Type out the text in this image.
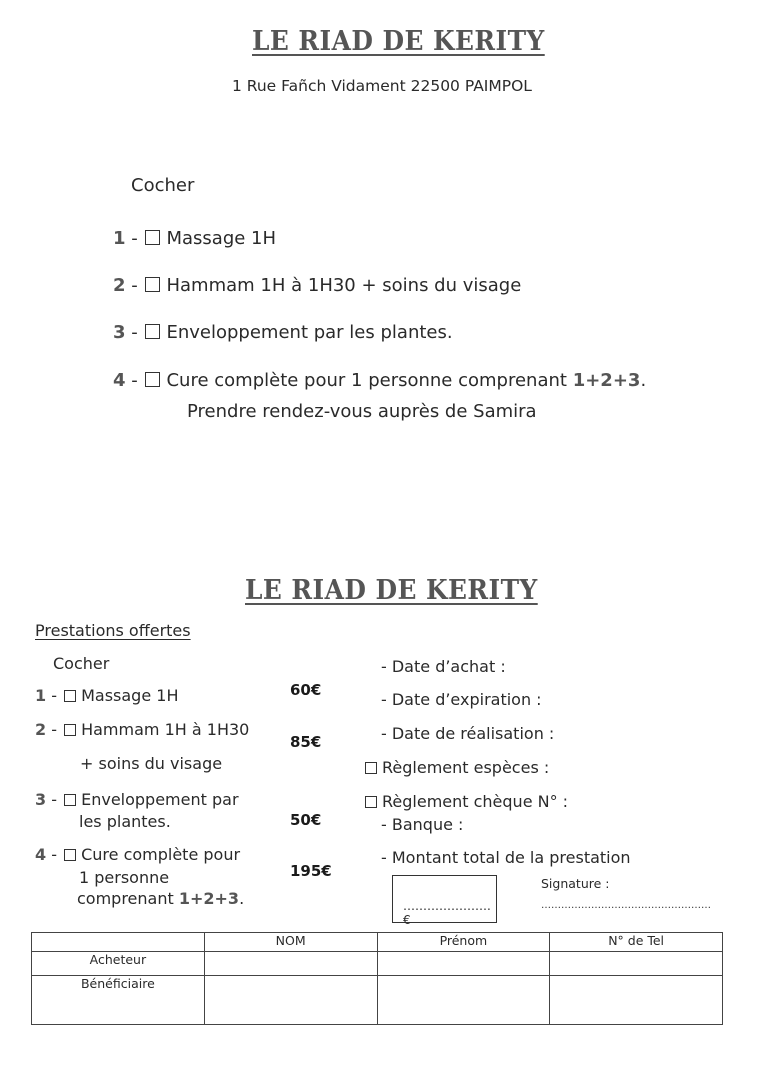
LE RIAD DE KERITY
1 Rue Fañch Vidament 22500 PAIMPOL
Cocher
1 - Massage 1H
2 - Hammam 1H à 1H30 + soins du visage
3 - Enveloppement par les plantes.
4 - Cure complète pour 1 personne comprenant 1+2+3.
Prendre rendez-vous auprès de Samira
LE RIAD DE KERITY
Prestations offertes
Cocher
1 - Massage 1H	60€
2 - Hammam 1H à 1H30
+ soins du visage
85€
3 - Enveloppement par
les plantes.	50€
4 - Cure complète pour
1 personne
comprenant 1+2+3.
195€
- Date d’achat :
- Date d’expiration :
- Date de réalisation :
Règlement espèces :
Règlement chèque N° :
- Banque :
- Montant total de la prestation
………………….€
Signature :
……………………………………………
	NOM	Prénom	N° de Tel
Acheteur			
Bénéficiaire			
